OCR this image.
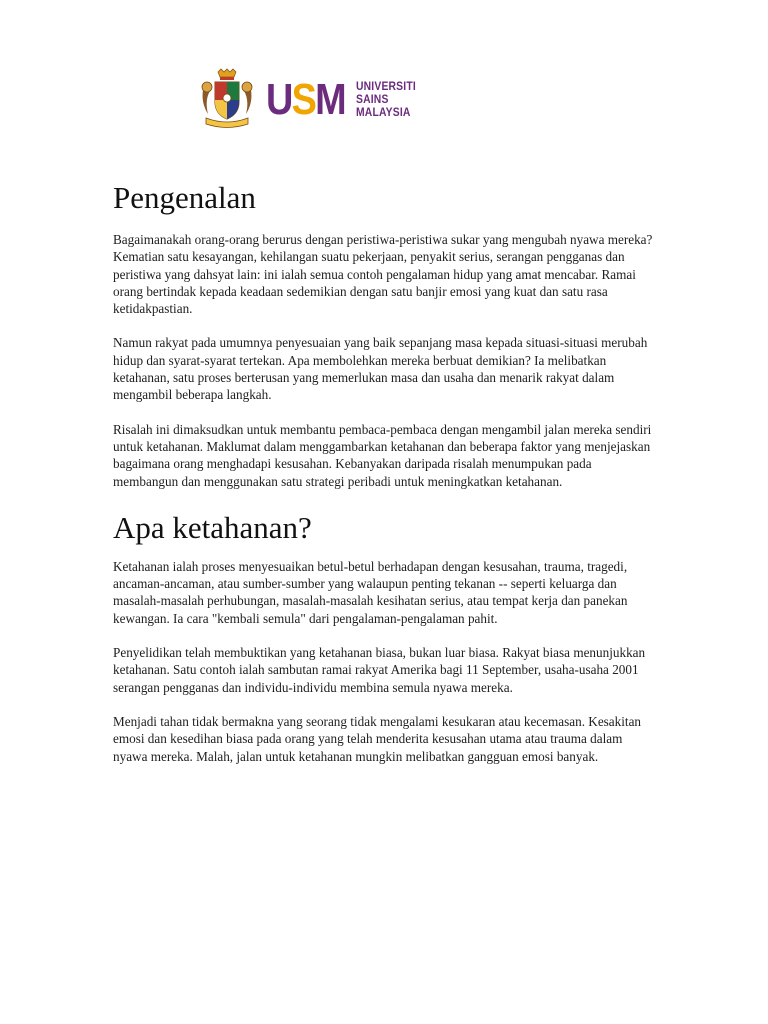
USM UNIVERSITI
SAINS
MALAYSIA
Pengenalan

Bagaimanakah orang-orang berurus dengan peristiwa-peristiwa sukar yang mengubah nyawa mereka? Kematian satu kesayangan, kehilangan suatu pekerjaan, penyakit serius, serangan pengganas dan peristiwa yang dahsyat lain: ini ialah semua contoh pengalaman hidup yang amat mencabar. Ramai orang bertindak kepada keadaan sedemikian dengan satu banjir emosi yang kuat dan satu rasa ketidakpastian.

Namun rakyat pada umumnya penyesuaian yang baik sepanjang masa kepada situasi-situasi merubah hidup dan syarat-syarat tertekan. Apa membolehkan mereka berbuat demikian? Ia melibatkan ketahanan, satu proses berterusan yang memerlukan masa dan usaha dan menarik rakyat dalam mengambil beberapa langkah.

Risalah ini dimaksudkan untuk membantu pembaca-pembaca dengan mengambil jalan mereka sendiri untuk ketahanan. Maklumat dalam menggambarkan ketahanan dan beberapa faktor yang menjejaskan bagaimana orang menghadapi kesusahan. Kebanyakan daripada risalah menumpukan pada membangun dan menggunakan satu strategi peribadi untuk meningkatkan ketahanan.

Apa ketahanan?

Ketahanan ialah proses menyesuaikan betul-betul berhadapan dengan kesusahan, trauma, tragedi, ancaman-ancaman, atau sumber-sumber yang walaupun penting tekanan -- seperti keluarga dan masalah-masalah perhubungan, masalah-masalah kesihatan serius, atau tempat kerja dan panekan kewangan. Ia cara "kembali semula" dari pengalaman-pengalaman pahit.

Penyelidikan telah membuktikan yang ketahanan biasa, bukan luar biasa. Rakyat biasa menunjukkan ketahanan. Satu contoh ialah sambutan ramai rakyat Amerika bagi 11 September, usaha-usaha 2001 serangan pengganas dan individu-individu membina semula nyawa mereka.

Menjadi tahan tidak bermakna yang seorang tidak mengalami kesukaran atau kecemasan. Kesakitan emosi dan kesedihan biasa pada orang yang telah menderita kesusahan utama atau trauma dalam nyawa mereka. Malah, jalan untuk ketahanan mungkin melibatkan gangguan emosi banyak.
